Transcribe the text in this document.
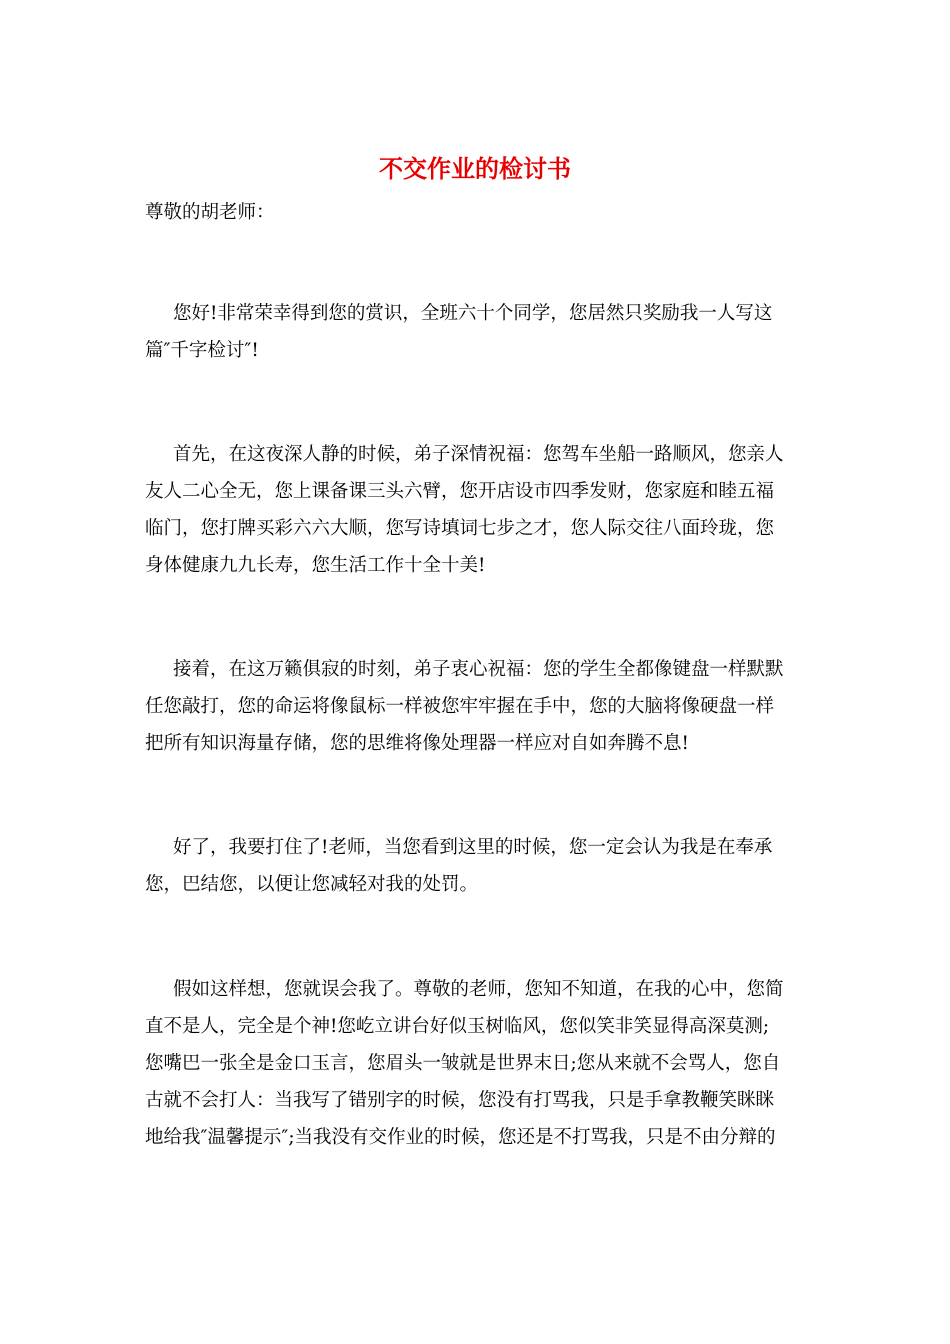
不交作业的检讨书
尊敬的胡老师：
您好!非常荣幸得到您的赏识，全班六十个同学，您居然只奖励我一人写这
篇″千字检讨″!
首先，在这夜深人静的时候，弟子深情祝福：您驾车坐船一路顺风，您亲人
友人二心全无，您上课备课三头六臂，您开店设市四季发财，您家庭和睦五福
临门，您打牌买彩六六大顺，您写诗填词七步之才，您人际交往八面玲珑，您
身体健康九九长寿，您生活工作十全十美!
接着，在这万籁俱寂的时刻，弟子衷心祝福：您的学生全都像键盘一样默默
任您敲打，您的命运将像鼠标一样被您牢牢握在手中，您的大脑将像硬盘一样
把所有知识海量存储，您的思维将像处理器一样应对自如奔腾不息!
好了，我要打住了!老师，当您看到这里的时候，您一定会认为我是在奉承
您，巴结您，以便让您减轻对我的处罚。
假如这样想，您就误会我了。尊敬的老师，您知不知道，在我的心中，您简
直不是人，完全是个神!您屹立讲台好似玉树临风，您似笑非笑显得高深莫测;
您嘴巴一张全是金口玉言，您眉头一皱就是世界末日;您从来就不会骂人，您自
古就不会打人：当我写了错别字的时候，您没有打骂我，只是手拿教鞭笑眯眯
地给我″温馨提示″;当我没有交作业的时候，您还是不打骂我，只是不由分辩的
